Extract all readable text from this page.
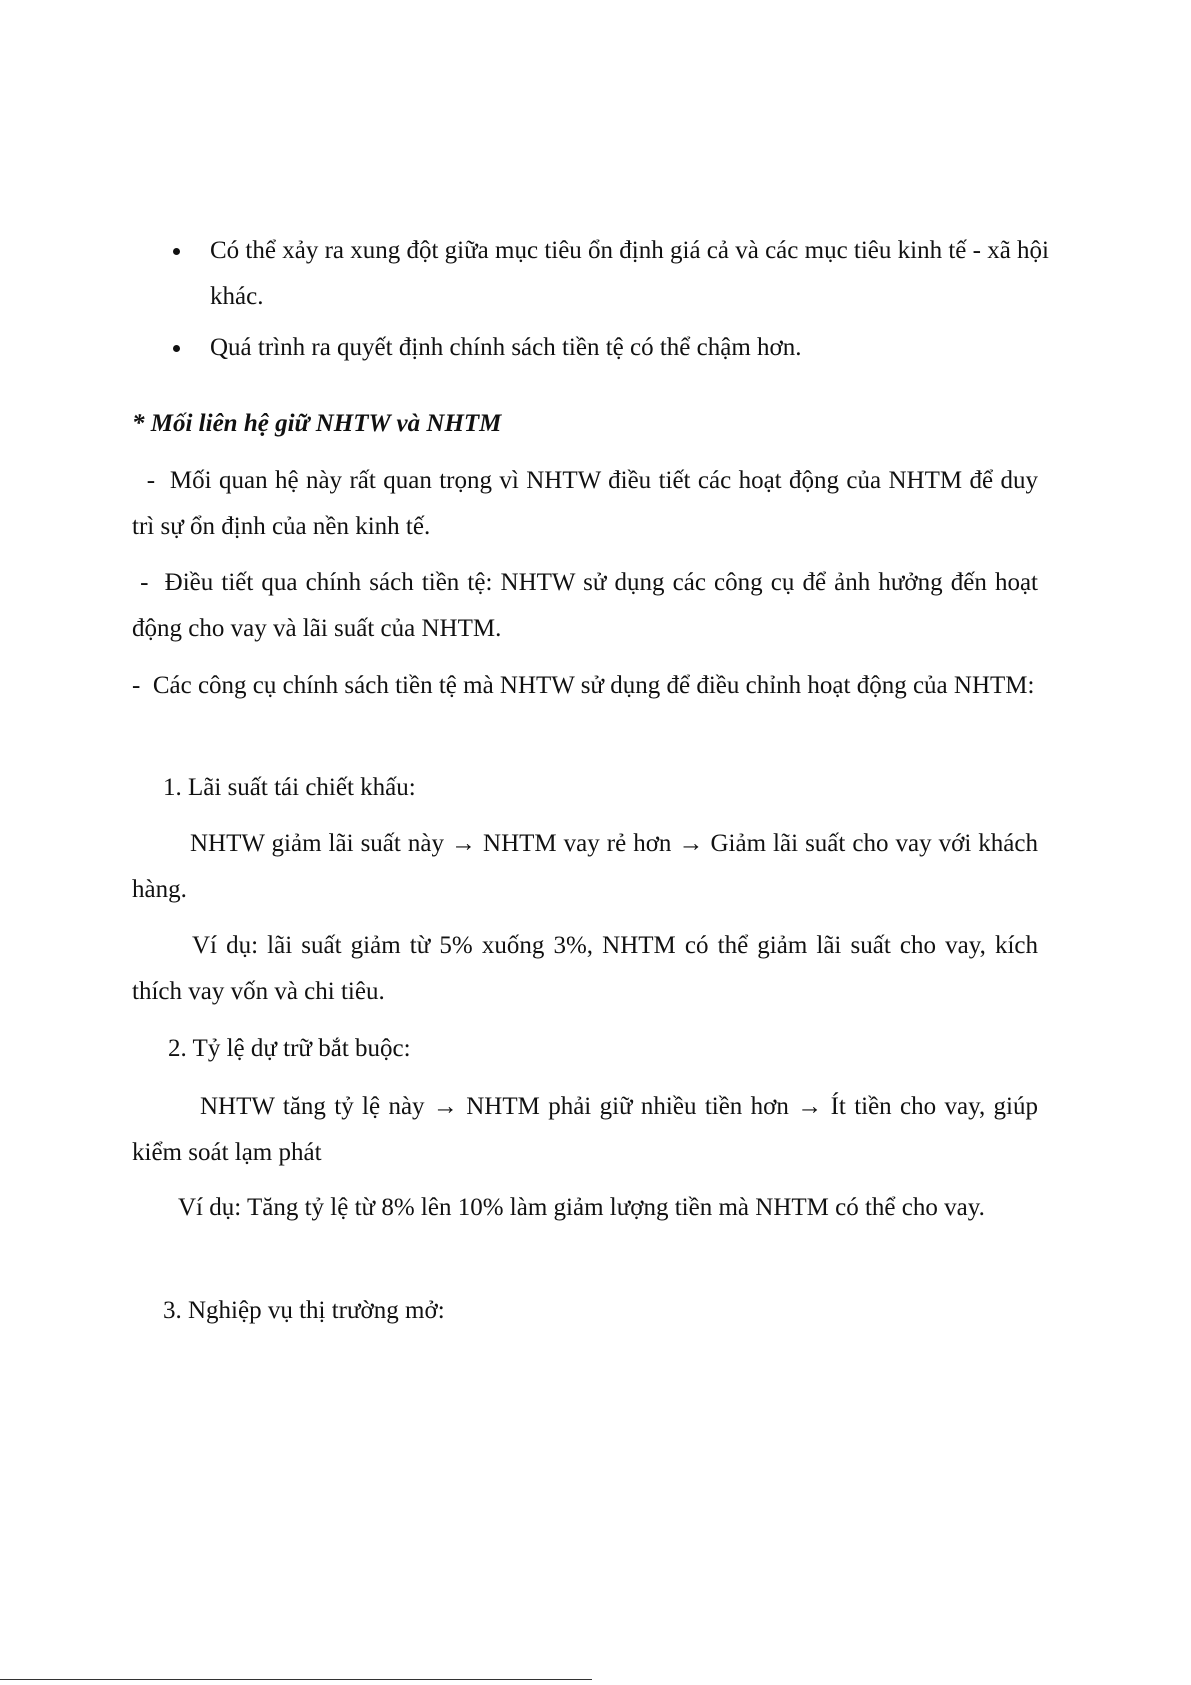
Có thể xảy ra xung đột giữa mục tiêu ổn định giá cả và các mục tiêu kinh tế - xã hội khác.
Quá trình ra quyết định chính sách tiền tệ có thể chậm hơn.
* Mối liên hệ giữ NHTW và NHTM
-  Mối quan hệ này rất quan trọng vì NHTW điều tiết các hoạt động của NHTM để duy trì sự ổn định của nền kinh tế.
-  Điều tiết qua chính sách tiền tệ: NHTW sử dụng các công cụ để ảnh hưởng đến hoạt động cho vay và lãi suất của NHTM.
-  Các công cụ chính sách tiền tệ mà NHTW sử dụng để điều chỉnh hoạt động của NHTM:
1. Lãi suất tái chiết khấu:
NHTW giảm lãi suất này → NHTM vay rẻ hơn → Giảm lãi suất cho vay với khách hàng.
Ví dụ: lãi suất giảm từ 5% xuống 3%, NHTM có thể giảm lãi suất cho vay, kích thích vay vốn và chi tiêu.
2. Tỷ lệ dự trữ bắt buộc:
NHTW tăng tỷ lệ này → NHTM phải giữ nhiều tiền hơn → Ít tiền cho vay, giúp kiểm soát lạm phát
Ví dụ: Tăng tỷ lệ từ 8% lên 10% làm giảm lượng tiền mà NHTM có thể cho vay.
3. Nghiệp vụ thị trường mở:
